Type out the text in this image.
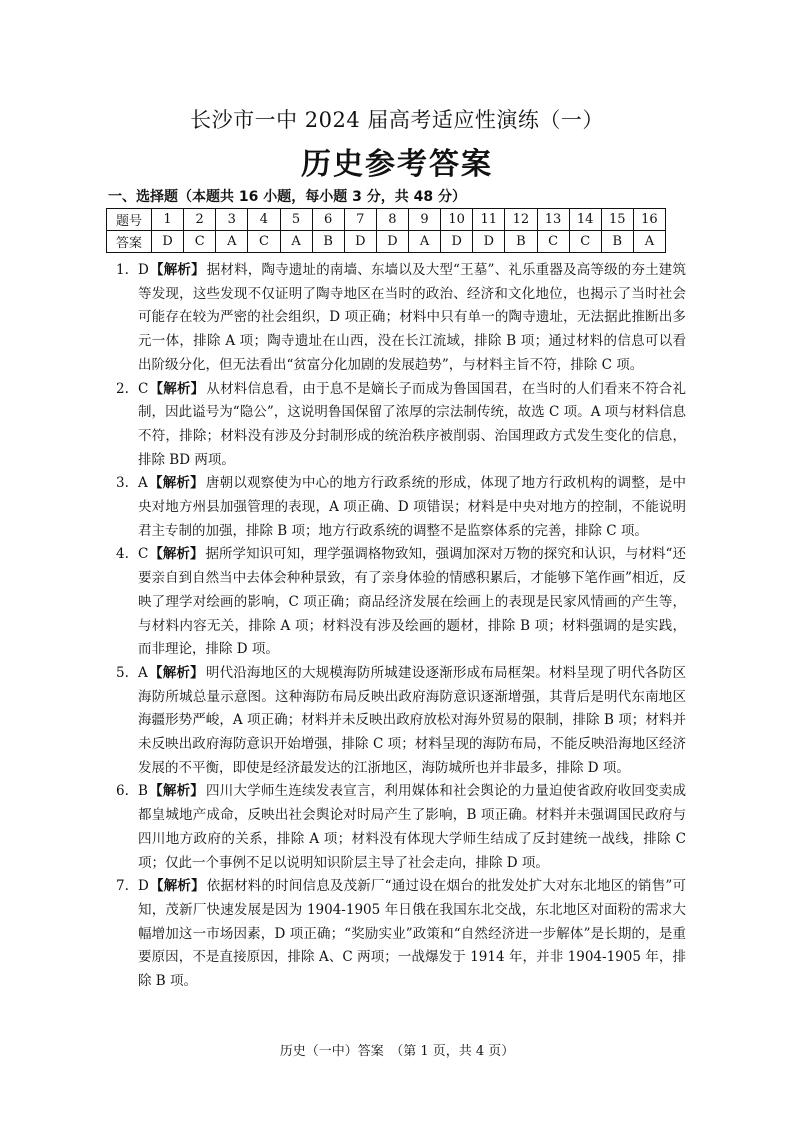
长沙市一中 2024 届高考适应性演练（一）
历史参考答案
一、选择题（本题共 16 小题，每小题 3 分，共 48 分）
题号	1	2	3	4	5	6	7	8	9	10	11	12	13	14	15	16
答案	D	C	A	C	A	B	D	D	A	D	D	B	C	C	B	A

1. D【解析】 据材料，陶寺遗址的南墙、东墙以及大型“王墓”、礼乐重器及高等级的夯土建筑等发现，这些发现不仅证明了陶寺地区在当时的政治、经济和文化地位，也揭示了当时社会可能存在较为严密的社会组织，D 项正确；材料中只有单一的陶寺遗址，无法据此推断出多元一体，排除 A 项；陶寺遗址在山西，没在长江流域，排除 B 项；通过材料的信息可以看出阶级分化，但无法看出“贫富分化加剧的发展趋势”，与材料主旨不符，排除 C 项。

2. C【解析】 从材料信息看，由于息不是嫡长子而成为鲁国国君，在当时的人们看来不符合礼制，因此谥号为“隐公”，这说明鲁国保留了浓厚的宗法制传统，故选 C 项。A 项与材料信息不符，排除；材料没有涉及分封制形成的统治秩序被削弱、治国理政方式发生变化的信息，排除 BD 两项。

3. A【解析】 唐朝以观察使为中心的地方行政系统的形成，体现了地方行政机构的调整，是中央对地方州县加强管理的表现，A 项正确、D 项错误；材料是中央对地方的控制，不能说明君主专制的加强，排除 B 项；地方行政系统的调整不是监察体系的完善，排除 C 项。

4. C【解析】 据所学知识可知，理学强调格物致知，强调加深对万物的探究和认识，与材料“还要亲自到自然当中去体会种种景致，有了亲身体验的情感积累后，才能够下笔作画”相近，反映了理学对绘画的影响，C 项正确；商品经济发展在绘画上的表现是民家风情画的产生等，与材料内容无关，排除 A 项；材料没有涉及绘画的题材，排除 B 项；材料强调的是实践，而非理论，排除 D 项。

5. A【解析】 明代沿海地区的大规模海防所城建设逐渐形成布局框架。材料呈现了明代各防区海防所城总量示意图。这种海防布局反映出政府海防意识逐渐增强，其背后是明代东南地区海疆形势严峻，A 项正确；材料并未反映出政府放松对海外贸易的限制，排除 B 项；材料并未反映出政府海防意识开始增强，排除 C 项；材料呈现的海防布局，不能反映沿海地区经济发展的不平衡，即使是经济最发达的江浙地区，海防城所也并非最多，排除 D 项。

6. B【解析】 四川大学师生连续发表宣言，利用媒体和社会舆论的力量迫使省政府收回变卖成都皇城地产成命，反映出社会舆论对时局产生了影响，B 项正确。材料并未强调国民政府与四川地方政府的关系，排除 A 项；材料没有体现大学师生结成了反封建统一战线，排除 C 项；仅此一个事例不足以说明知识阶层主导了社会走向，排除 D 项。

7. D【解析】 依据材料的时间信息及茂新厂“通过设在烟台的批发处扩大对东北地区的销售”可知，茂新厂快速发展是因为 1904-1905 年日俄在我国东北交战，东北地区对面粉的需求大幅增加这一市场因素，D 项正确；“奖励实业”政策和“自然经济进一步解体”是长期的，是重要原因，不是直接原因，排除 A、C 两项；一战爆发于 1914 年，并非 1904-1905 年，排除 B 项。

历史（一中）答案　（第 1 页，共 4 页）
